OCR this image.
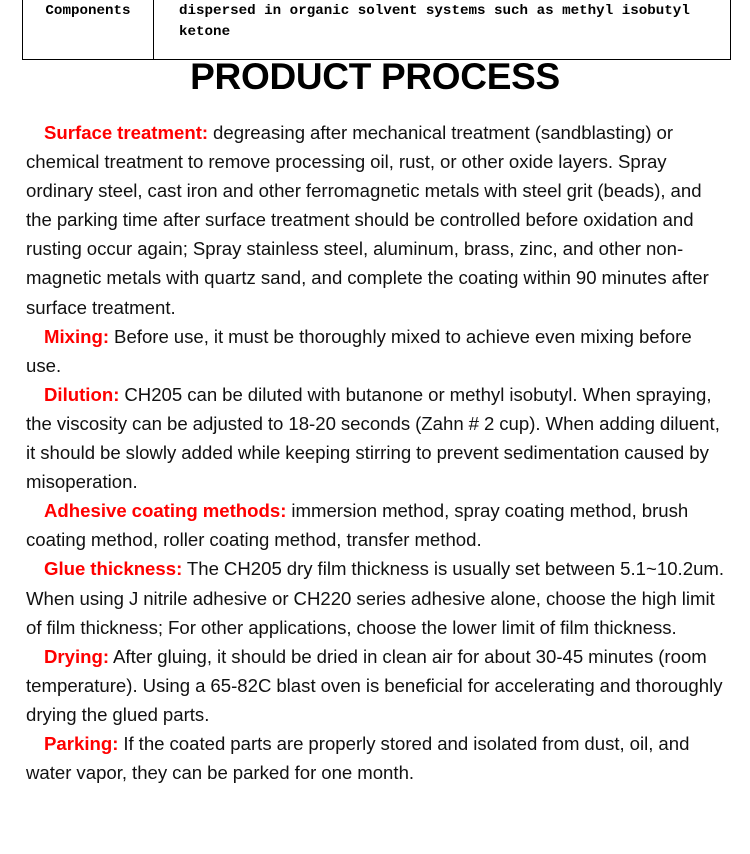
Components	dispersed in organic solvent systems such as methyl isobutyl ketone
PRODUCT PROCESS

Surface treatment: degreasing after mechanical treatment (sandblasting) or chemical treatment to remove processing oil, rust, or other oxide layers. Spray ordinary steel, cast iron and other ferromagnetic metals with steel grit (beads), and the parking time after surface treatment should be controlled before oxidation and rusting occur again; Spray stainless steel, aluminum, brass, zinc, and other non-magnetic metals with quartz sand, and complete the coating within 90 minutes after surface treatment.

Mixing: Before use, it must be thoroughly mixed to achieve even mixing before use.

Dilution: CH205 can be diluted with butanone or methyl isobutyl. When spraying, the viscosity can be adjusted to 18-20 seconds (Zahn # 2 cup). When adding diluent, it should be slowly added while keeping stirring to prevent sedimentation caused by misoperation.

Adhesive coating methods: immersion method, spray coating method, brush coating method, roller coating method, transfer method.

Glue thickness: The CH205 dry film thickness is usually set between 5.1~10.2um. When using J nitrile adhesive or CH220 series adhesive alone, choose the high limit of film thickness; For other applications, choose the lower limit of film thickness.

Drying: After gluing, it should be dried in clean air for about 30-45 minutes (room temperature). Using a 65-82C blast oven is beneficial for accelerating and thoroughly drying the glued parts.

Parking: If the coated parts are properly stored and isolated from dust, oil, and water vapor, they can be parked for one month.
